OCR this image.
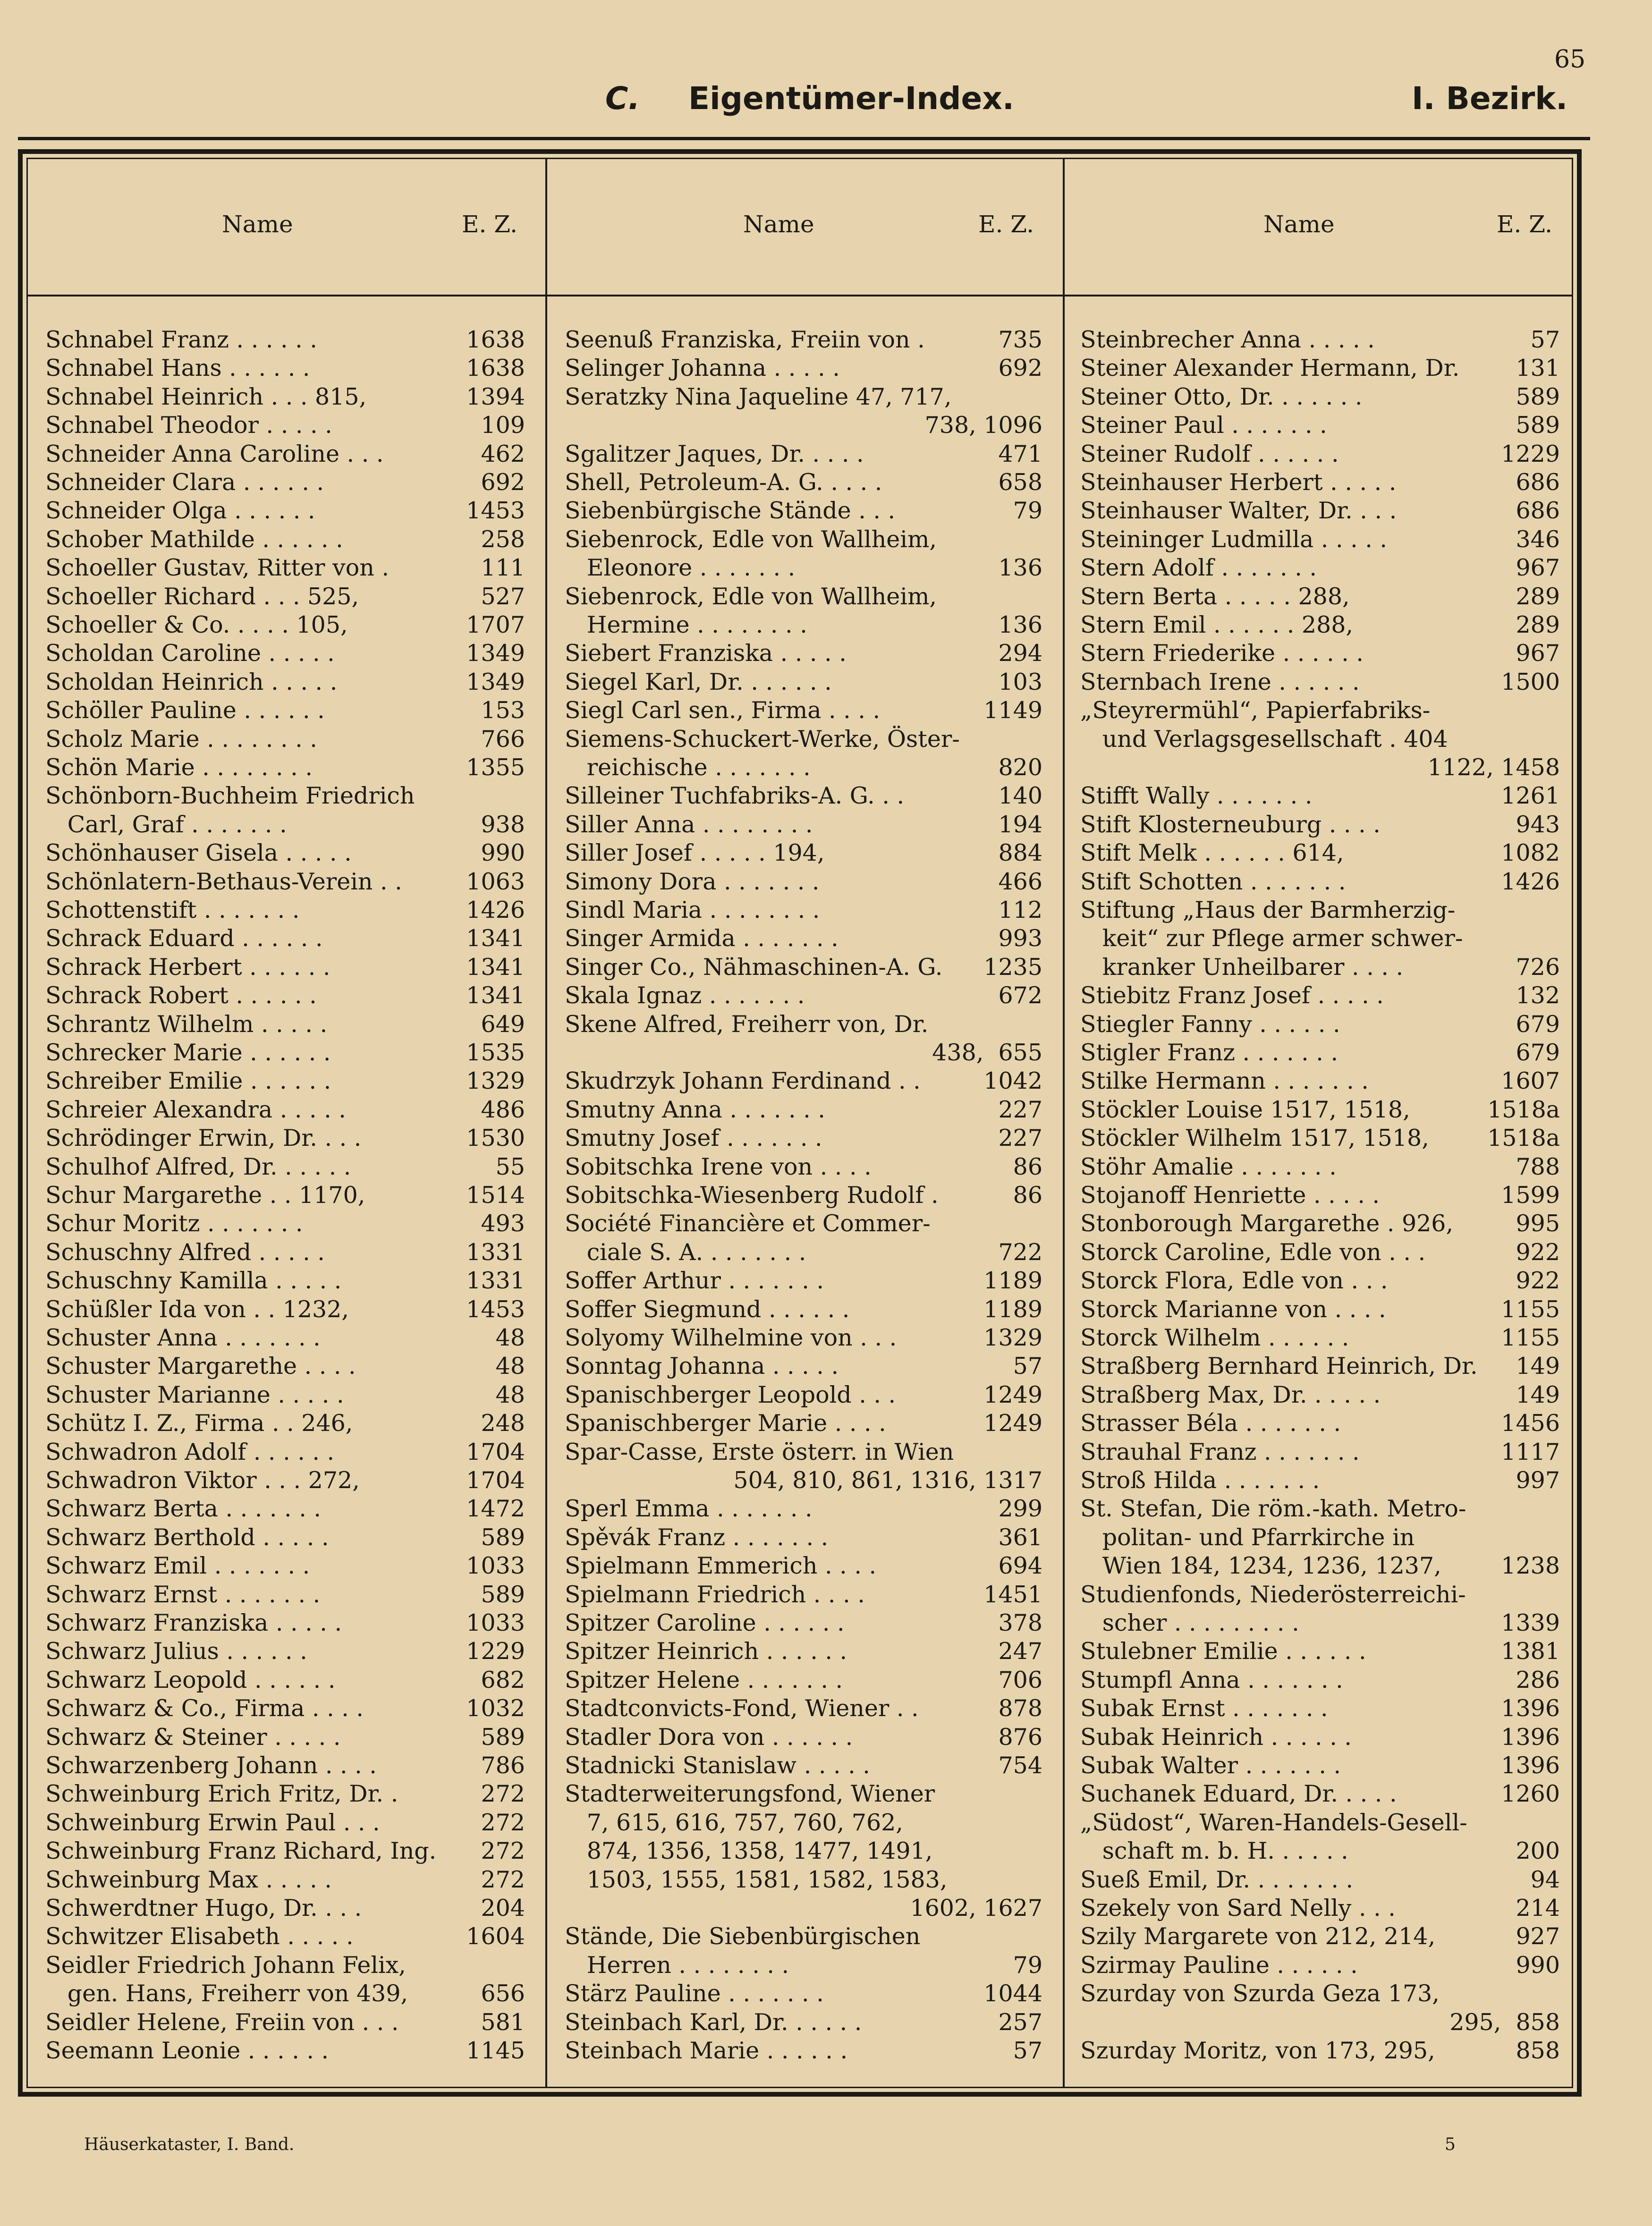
65
C. Eigentümer-Index.	I. Bezirk.
Name	E. Z.	Name	E. Z.	Name	E. Z.
Schnabel Franz . . . . . .	1638
Schnabel Hans . . . . . .	1638
Schnabel Heinrich . . . 815,	1394
Schnabel Theodor . . . . .	109
Schneider Anna Caroline . . .	462
Schneider Clara . . . . . .	692
Schneider Olga . . . . . .	1453
Schober Mathilde . . . . . .	258
Schoeller Gustav, Ritter von .	111
Schoeller Richard . . . 525,	527
Schoeller & Co. . . . . 105,	1707
Scholdan Caroline . . . . .	1349
Scholdan Heinrich . . . . .	1349
Schöller Pauline . . . . . .	153
Scholz Marie . . . . . . . .	766
Schön Marie . . . . . . . .	1355
Schönborn-Buchheim Friedrich
Carl, Graf . . . . . . .	938
Schönhauser Gisela . . . . .	990
Schönlatern-Bethaus-Verein . .	1063
Schottenstift . . . . . . .	1426
Schrack Eduard . . . . . .	1341
Schrack Herbert . . . . . .	1341
Schrack Robert . . . . . .	1341
Schrantz Wilhelm . . . . .	649
Schrecker Marie . . . . . .	1535
Schreiber Emilie . . . . . .	1329
Schreier Alexandra . . . . .	486
Schrödinger Erwin, Dr. . . .	1530
Schulhof Alfred, Dr. . . . . .	55
Schur Margarethe . . 1170,	1514
Schur Moritz . . . . . . .	493
Schuschny Alfred . . . . .	1331
Schuschny Kamilla . . . . .	1331
Schüßler Ida von . . 1232,	1453
Schuster Anna . . . . . . .	48
Schuster Margarethe . . . .	48
Schuster Marianne . . . . .	48
Schütz I. Z., Firma . . 246,	248
Schwadron Adolf . . . . . .	1704
Schwadron Viktor . . . 272,	1704
Schwarz Berta . . . . . . .	1472
Schwarz Berthold . . . . .	589
Schwarz Emil . . . . . . .	1033
Schwarz Ernst . . . . . . .	589
Schwarz Franziska . . . . .	1033
Schwarz Julius . . . . . .	1229
Schwarz Leopold . . . . . .	682
Schwarz & Co., Firma . . . .	1032
Schwarz & Steiner . . . . .	589
Schwarzenberg Johann . . . .	786
Schweinburg Erich Fritz, Dr. .	272
Schweinburg Erwin Paul . . .	272
Schweinburg Franz Richard, Ing. 272
Schweinburg Max . . . . .	272
Schwerdtner Hugo, Dr. . . .	204
Schwitzer Elisabeth . . . . .	1604
Seidler Friedrich Johann Felix,
gen. Hans, Freiherr von 439,	656
Seidler Helene, Freiin von . . .	581
Seemann Leonie . . . . . .	1145
Seenuß Franziska, Freiin von .	735
Selinger Johanna . . . . .	692
Seratzky Nina Jaqueline 47, 717,
738, 1096
Sgalitzer Jaques, Dr. . . . .	471
Shell, Petroleum-A. G. . . . .	658
Siebenbürgische Stände . . .	79
Siebenrock, Edle von Wallheim,
Eleonore . . . . . . .	136
Siebenrock, Edle von Wallheim,
Hermine . . . . . . . .	136
Siebert Franziska . . . . .	294
Siegel Karl, Dr. . . . . . .	103
Siegl Carl sen., Firma . . . .	1149
Siemens-Schuckert-Werke, Öster-
reichische . . . . . . .	820
Silleiner Tuchfabriks-A. G. . .	140
Siller Anna . . . . . . . .	194
Siller Josef . . . . . 194,	884
Simony Dora . . . . . . .	466
Sindl Maria . . . . . . . .	112
Singer Armida . . . . . . .	993
Singer Co., Nähmaschinen-A. G. 1235
Skala Ignaz . . . . . . .	672
Skene Alfred, Freiherr von, Dr.
438,  655
Skudrzyk Johann Ferdinand . .	1042
Smutny Anna . . . . . . .	227
Smutny Josef . . . . . . .	227
Sobitschka Irene von . . . .	86
Sobitschka-Wiesenberg Rudolf .	86
Société Financière et Commer-
ciale S. A. . . . . . . .	722
Soffer Arthur . . . . . . .	1189
Soffer Siegmund . . . . . .	1189
Solyomy Wilhelmine von . . .	1329
Sonntag Johanna . . . . .	57
Spanischberger Leopold . . .	1249
Spanischberger Marie . . . .	1249
Spar-Casse, Erste österr. in Wien
504, 810, 861, 1316, 1317
Sperl Emma . . . . . . .	299
Spěvák Franz . . . . . . .	361
Spielmann Emmerich . . . .	694
Spielmann Friedrich . . . .	1451
Spitzer Caroline . . . . . .	378
Spitzer Heinrich . . . . . .	247
Spitzer Helene . . . . . . .	706
Stadtconvicts-Fond, Wiener . .	878
Stadler Dora von . . . . . .	876
Stadnicki Stanislaw . . . . .	754
Stadterweiterungsfond, Wiener
7, 615, 616, 757, 760, 762,
874, 1356, 1358, 1477, 1491,
1503, 1555, 1581, 1582, 1583,
1602, 1627
Stände, Die Siebenbürgischen
Herren . . . . . . . .	79
Stärz Pauline . . . . . . .	1044
Steinbach Karl, Dr. . . . . .	257
Steinbach Marie . . . . . .	57
Steinbrecher Anna . . . . .	57
Steiner Alexander Hermann, Dr. 131
Steiner Otto, Dr. . . . . . .	589
Steiner Paul . . . . . . .	589
Steiner Rudolf . . . . . .	1229
Steinhauser Herbert . . . . .	686
Steinhauser Walter, Dr. . . .	686
Steininger Ludmilla . . . . .	346
Stern Adolf . . . . . . .	967
Stern Berta . . . . . 288,	289
Stern Emil . . . . . . 288,	289
Stern Friederike . . . . . .	967
Sternbach Irene . . . . . .	1500
„Steyrermühl“, Papierfabriks-
und Verlagsgesellschaft . 404
1122, 1458
Stifft Wally . . . . . . .	1261
Stift Klosterneuburg . . . .	943
Stift Melk . . . . . . 614,	1082
Stift Schotten . . . . . . .	1426
Stiftung „Haus der Barmherzig-
keit“ zur Pflege armer schwer-
kranker Unheilbarer . . . .	726
Stiebitz Franz Josef . . . . .	132
Stiegler Fanny . . . . . .	679
Stigler Franz . . . . . . .	679
Stilke Hermann . . . . . . .	1607
Stöckler Louise 1517, 1518,	1518a
Stöckler Wilhelm 1517, 1518,	1518a
Stöhr Amalie . . . . . . .	788
Stojanoff Henriette . . . . .	1599
Stonborough Margarethe . 926,	995
Storck Caroline, Edle von . . .	922
Storck Flora, Edle von . . .	922
Storck Marianne von . . . .	1155
Storck Wilhelm . . . . . .	1155
Straßberg Bernhard Heinrich, Dr. 149
Straßberg Max, Dr. . . . . .	149
Strasser Béla . . . . . . .	1456
Strauhal Franz . . . . . . .	1117
Stroß Hilda . . . . . . .	997
St. Stefan, Die röm.-kath. Metro-
politan- und Pfarrkirche in
Wien 184, 1234, 1236, 1237,	1238
Studienfonds, Niederösterreichi-
scher . . . . . . . . .	1339
Stulebner Emilie . . . . . .	1381
Stumpfl Anna . . . . . . .	286
Subak Ernst . . . . . . .	1396
Subak Heinrich . . . . . .	1396
Subak Walter . . . . . . .	1396
Suchanek Eduard, Dr. . . . .	1260
„Südost“, Waren-Handels-Gesell-
schaft m. b. H. . . . . .	200
Sueß Emil, Dr. . . . . . . .	94
Szekely von Sard Nelly . . .	214
Szily Margarete von 212, 214,	927
Szirmay Pauline . . . . . .	990
Szurday von Szurda Geza 173,
295,  858
Szurday Moritz, von 173, 295,	858
Häuserkataster, I. Band.	5
